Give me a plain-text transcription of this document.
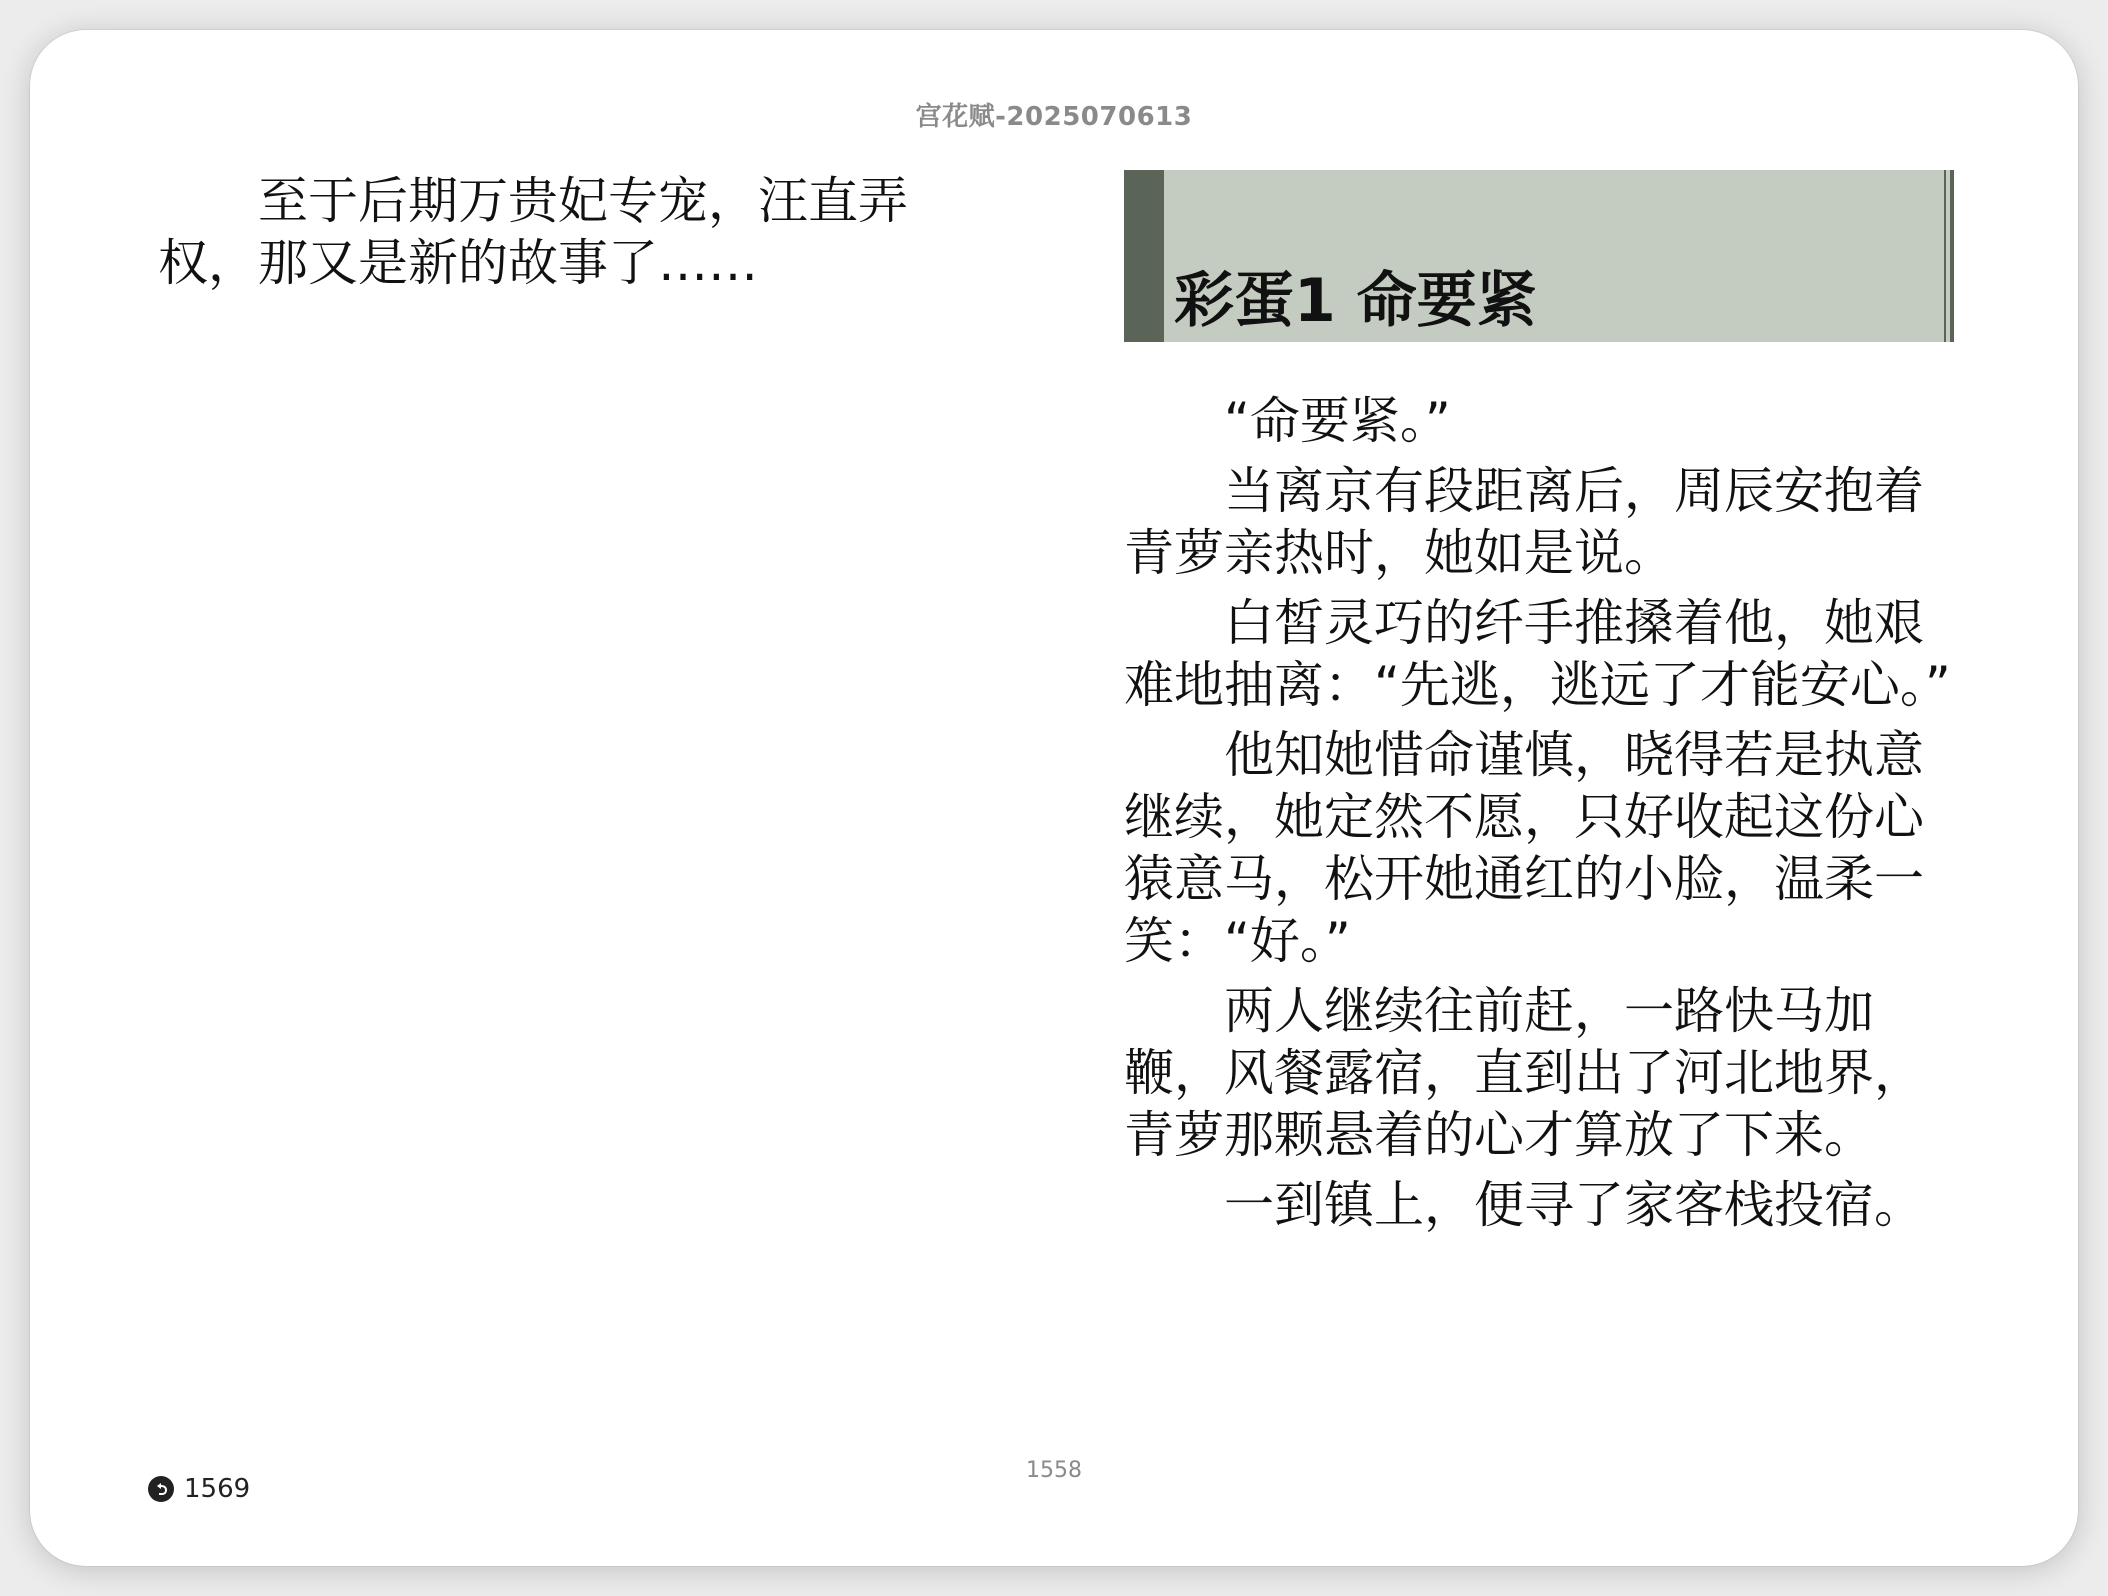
宫花赋-2025070613

至于后期万贵妃专宠，汪直弄权，那又是新的故事了……

彩蛋1 命要紧

“命要紧。”

当离京有段距离后，周辰安抱着青萝亲热时，她如是说。

白皙灵巧的纤手推搡着他，她艰难地抽离：“先逃，逃远了才能安心。”

他知她惜命谨慎，晓得若是执意继续，她定然不愿，只好收起这份心猿意马，松开她通红的小脸，温柔一笑：“好。”

两人继续往前赶，一路快马加鞭，风餐露宿，直到出了河北地界，青萝那颗悬着的心才算放了下来。

一到镇上，便寻了家客栈投宿。

1558
1569
